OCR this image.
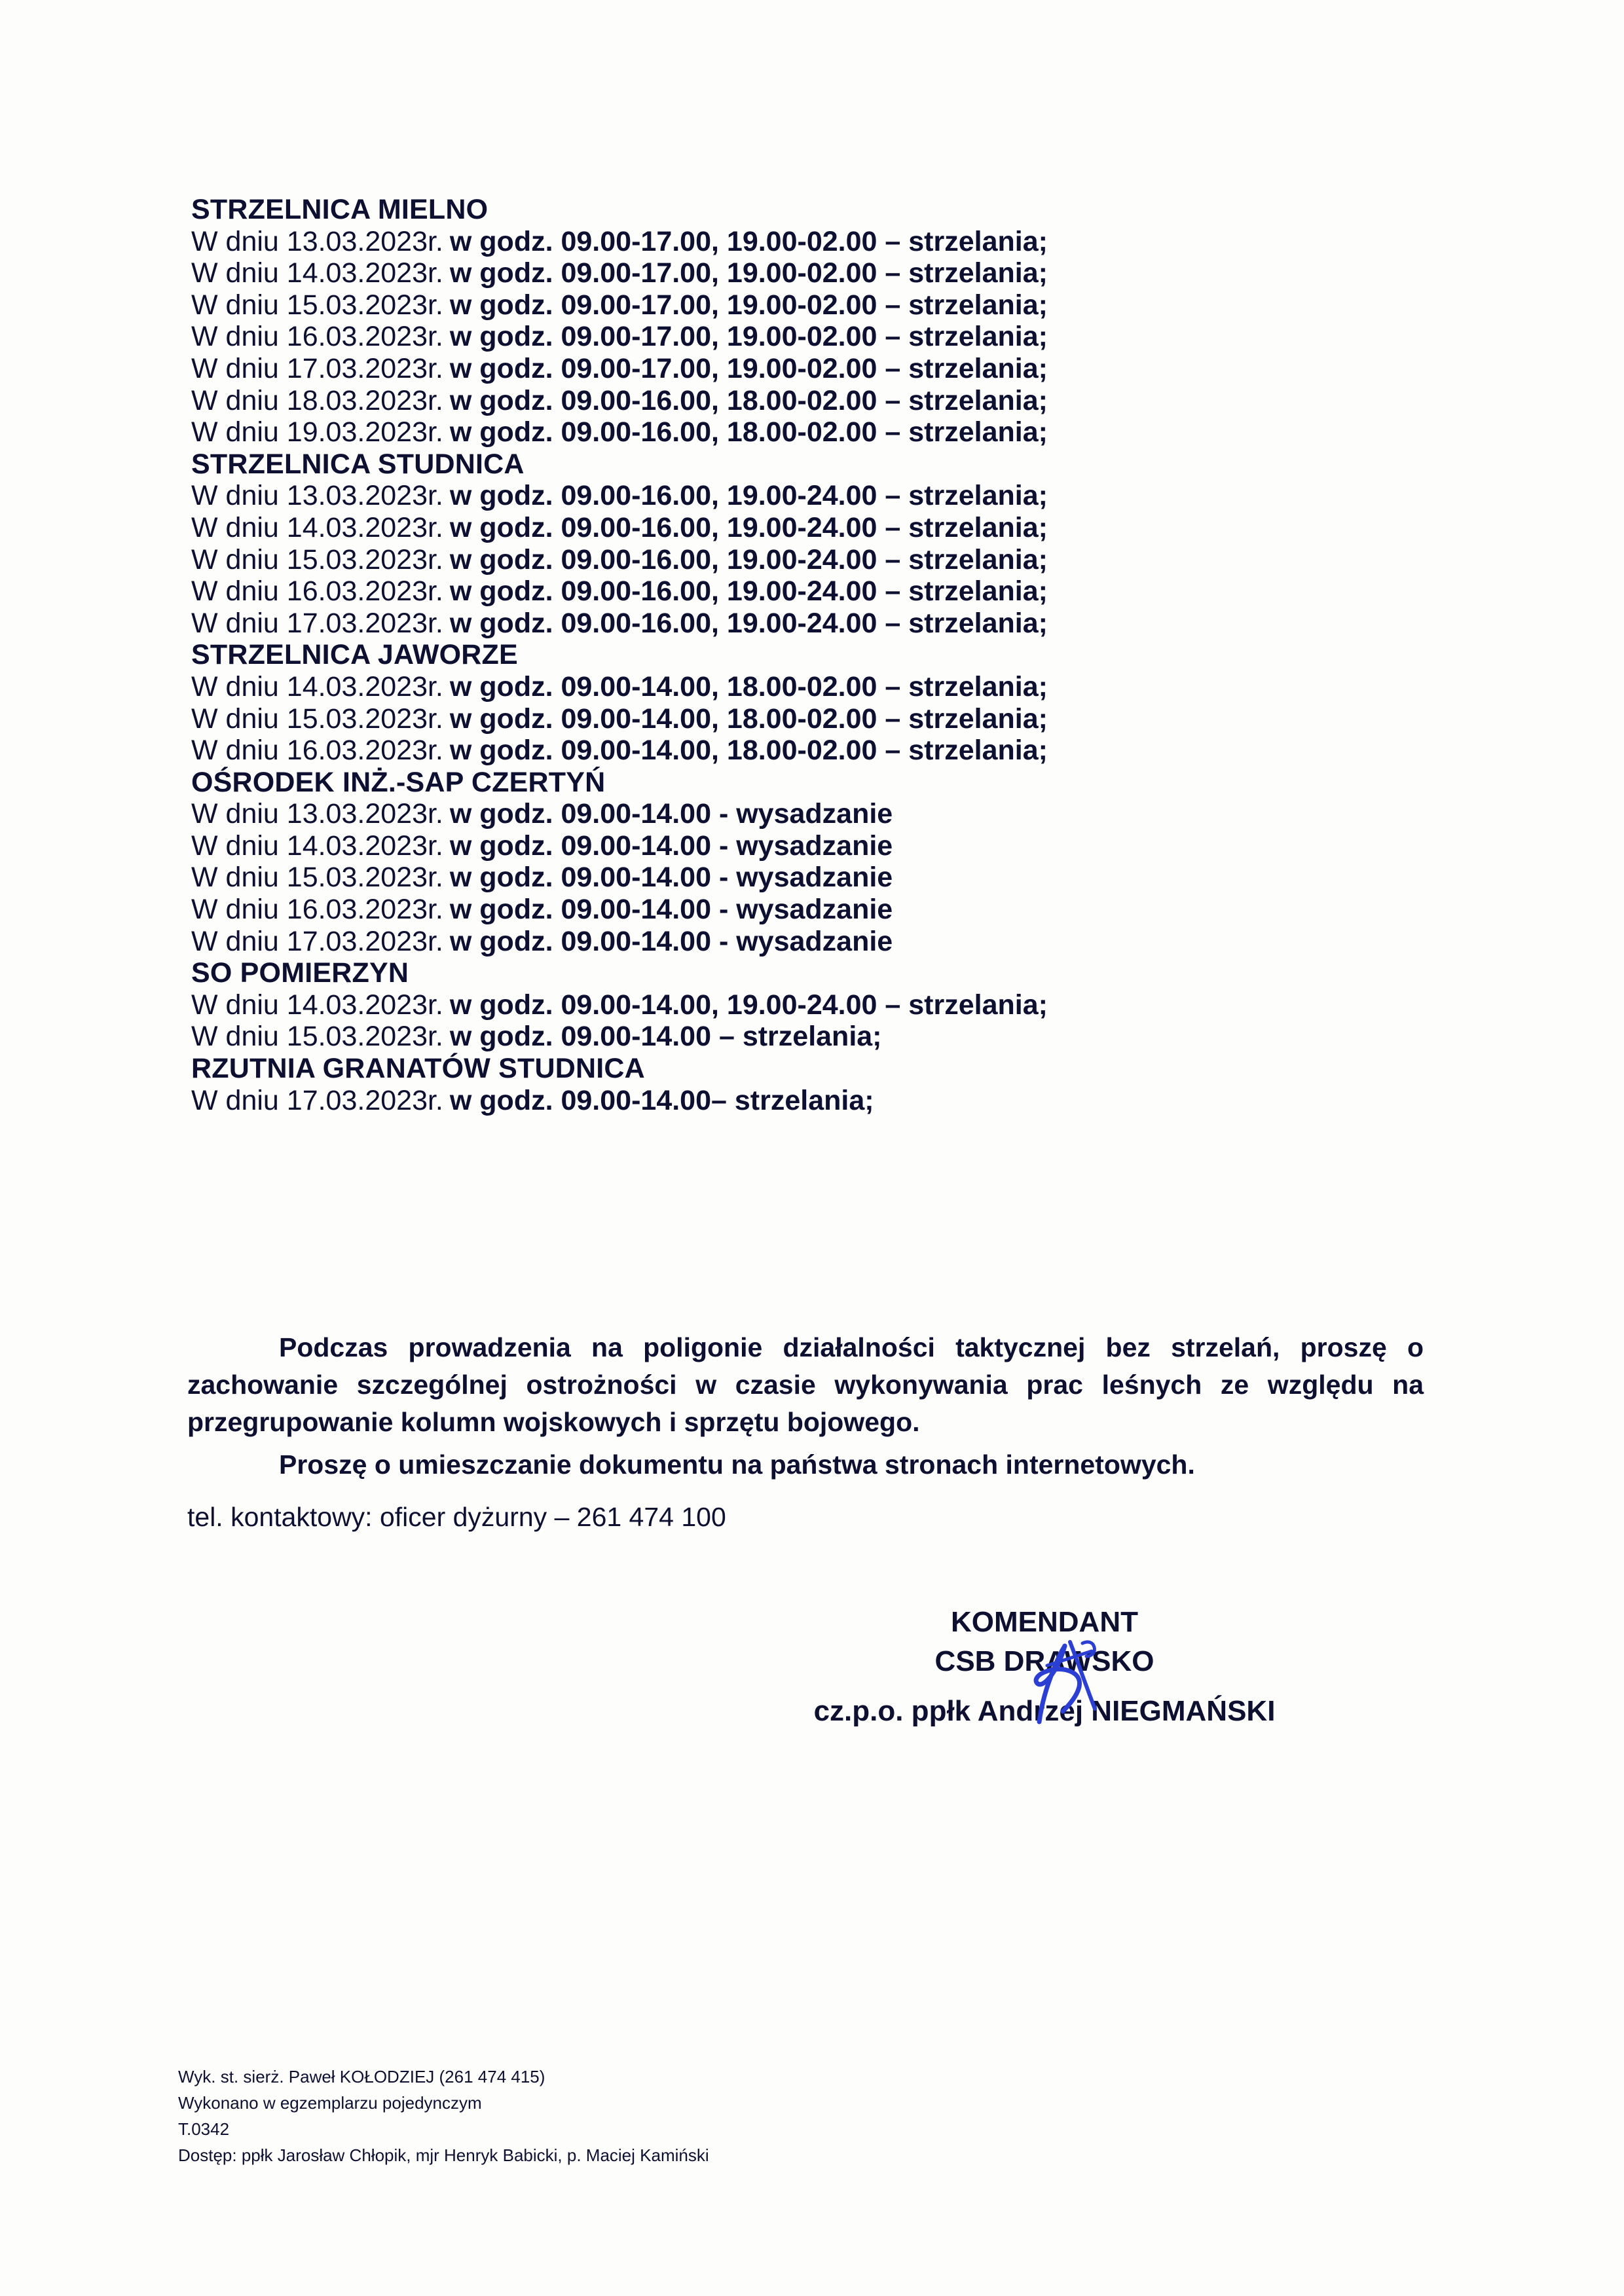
STRZELNICA MIELNO
W dniu 13.03.2023r. w godz. 09.00-17.00, 19.00-02.00 – strzelania;
W dniu 14.03.2023r. w godz. 09.00-17.00, 19.00-02.00 – strzelania;
W dniu 15.03.2023r. w godz. 09.00-17.00, 19.00-02.00 – strzelania;
W dniu 16.03.2023r. w godz. 09.00-17.00, 19.00-02.00 – strzelania;
W dniu 17.03.2023r. w godz. 09.00-17.00, 19.00-02.00 – strzelania;
W dniu 18.03.2023r. w godz. 09.00-16.00, 18.00-02.00 – strzelania;
W dniu 19.03.2023r. w godz. 09.00-16.00, 18.00-02.00 – strzelania;
STRZELNICA STUDNICA
W dniu 13.03.2023r. w godz. 09.00-16.00, 19.00-24.00 – strzelania;
W dniu 14.03.2023r. w godz. 09.00-16.00, 19.00-24.00 – strzelania;
W dniu 15.03.2023r. w godz. 09.00-16.00, 19.00-24.00 – strzelania;
W dniu 16.03.2023r. w godz. 09.00-16.00, 19.00-24.00 – strzelania;
W dniu 17.03.2023r. w godz. 09.00-16.00, 19.00-24.00 – strzelania;
STRZELNICA JAWORZE
W dniu 14.03.2023r. w godz. 09.00-14.00, 18.00-02.00 – strzelania;
W dniu 15.03.2023r. w godz. 09.00-14.00, 18.00-02.00 – strzelania;
W dniu 16.03.2023r. w godz. 09.00-14.00, 18.00-02.00 – strzelania;
OŚRODEK INŻ.-SAP CZERTYŃ
W dniu 13.03.2023r. w godz. 09.00-14.00 - wysadzanie
W dniu 14.03.2023r. w godz. 09.00-14.00 - wysadzanie
W dniu 15.03.2023r. w godz. 09.00-14.00 - wysadzanie
W dniu 16.03.2023r. w godz. 09.00-14.00 - wysadzanie
W dniu 17.03.2023r. w godz. 09.00-14.00 - wysadzanie
SO POMIERZYN
W dniu 14.03.2023r. w godz. 09.00-14.00, 19.00-24.00 – strzelania;
W dniu 15.03.2023r. w godz. 09.00-14.00 – strzelania;
RZUTNIA GRANATÓW STUDNICA
W dniu 17.03.2023r. w godz. 09.00-14.00– strzelania;

Podczas prowadzenia na poligonie działalności taktycznej bez strzelań, proszę o zachowanie szczególnej ostrożności w czasie wykonywania prac leśnych ze względu na przegrupowanie kolumn wojskowych i sprzętu bojowego.

Proszę o umieszczanie dokumentu na państwa stronach internetowych.

tel. kontaktowy: oficer dyżurny – 261 474 100
KOMENDANT
CSB DRAWSKO
cz.p.o. ppłk Andrzej NIEGMAŃSKI
Wyk. st. sierż. Paweł KOŁODZIEJ (261 474 415)
Wykonano w egzemplarzu pojedynczym
T.0342
Dostęp: ppłk Jarosław Chłopik, mjr Henryk Babicki, p. Maciej Kamiński
